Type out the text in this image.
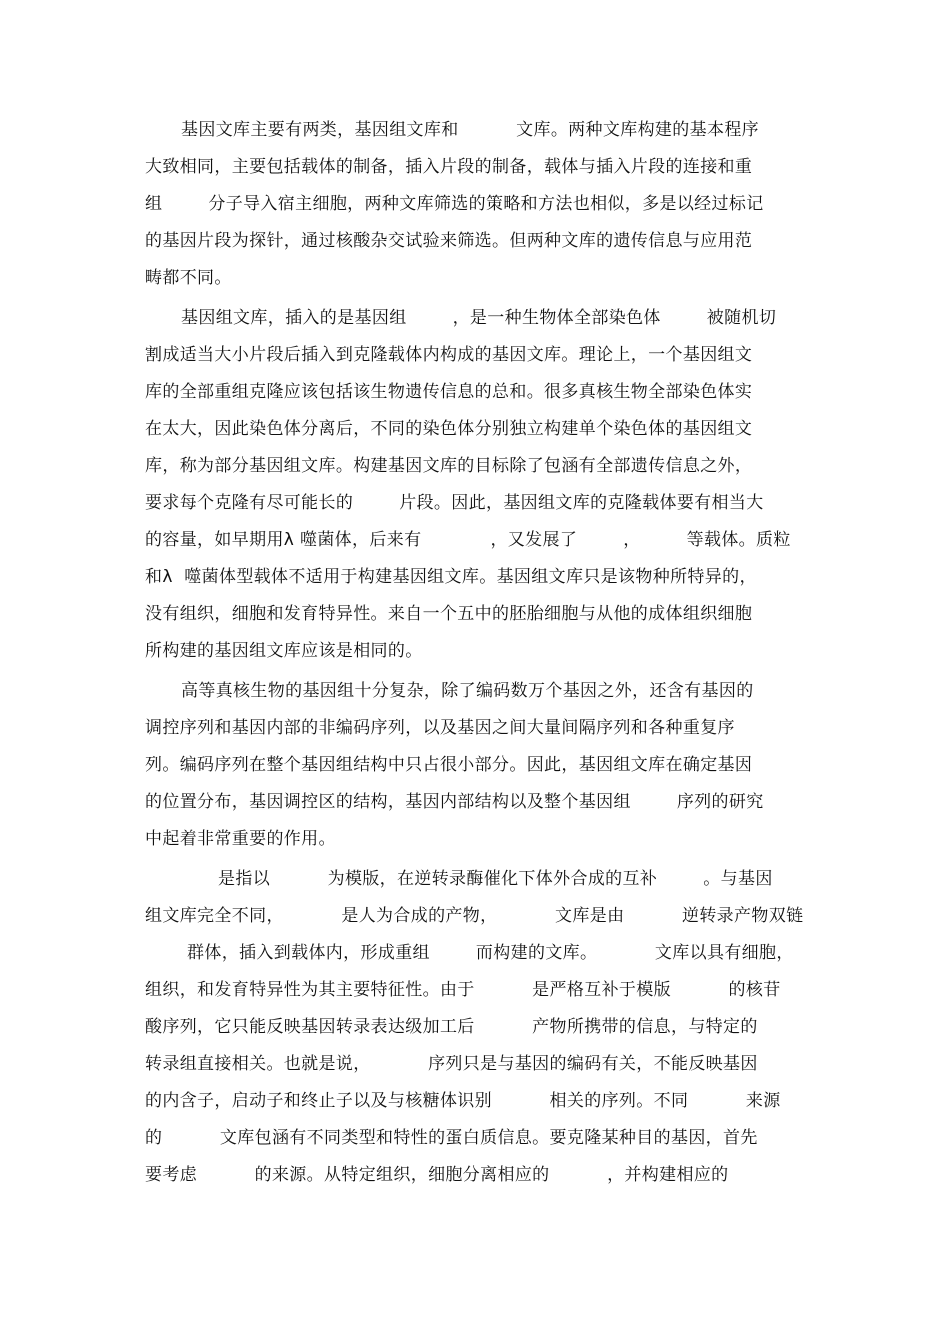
基因文库主要有两类，基因组文库和          文库。两种文库构建的基本程序
大致相同，主要包括载体的制备，插入片段的制备，载体与插入片段的连接和重
组        分子导入宿主细胞，两种文库筛选的策略和方法也相似，多是以经过标记
的基因片段为探针，通过核酸杂交试验来筛选。但两种文库的遗传信息与应用范
畴都不同。
基因组文库，插入的是基因组        ，是一种生物体全部染色体        被随机切
割成适当大小片段后插入到克隆载体内构成的基因文库。理论上，一个基因组文
库的全部重组克隆应该包括该生物遗传信息的总和。很多真核生物全部染色体实
在太大，因此染色体分离后，不同的染色体分别独立构建单个染色体的基因组文
库，称为部分基因组文库。构建基因文库的目标除了包涵有全部遗传信息之外，
要求每个克隆有尽可能长的        片段。因此，基因组文库的克隆载体要有相当大
的容量，如早期用λ 噬菌体，后来有            ，又发展了        ，        等载体。质粒
和λ  噬菌体型载体不适用于构建基因组文库。基因组文库只是该物种所特异的，
没有组织，细胞和发育特异性。来自一个五中的胚胎细胞与从他的成体组织细胞
所构建的基因组文库应该是相同的。
高等真核生物的基因组十分复杂，除了编码数万个基因之外，还含有基因的
调控序列和基因内部的非编码序列，以及基因之间大量间隔序列和各种重复序
列。编码序列在整个基因组结构中只占很小部分。因此，基因组文库在确定基因
的位置分布，基因调控区的结构，基因内部结构以及整个基因组        序列的研究
中起着非常重要的作用。
是指以          为模版，在逆转录酶催化下体外合成的互补        。与基因
组文库完全不同，          是人为合成的产物，          文库是由          逆转录产物双链
群体，插入到载体内，形成重组        而构建的文库。          文库以具有细胞，
组织，和发育特异性为其主要特征性。由于          是严格互补于模版          的核苷
酸序列，它只能反映基因转录表达级加工后          产物所携带的信息，与特定的
转录组直接相关。也就是说，          序列只是与基因的编码有关，不能反映基因
的内含子，启动子和终止子以及与核糖体识别          相关的序列。不同          来源
的          文库包涵有不同类型和特性的蛋白质信息。要克隆某种目的基因，首先
要考虑          的来源。从特定组织，细胞分离相应的          ，并构建相应的
